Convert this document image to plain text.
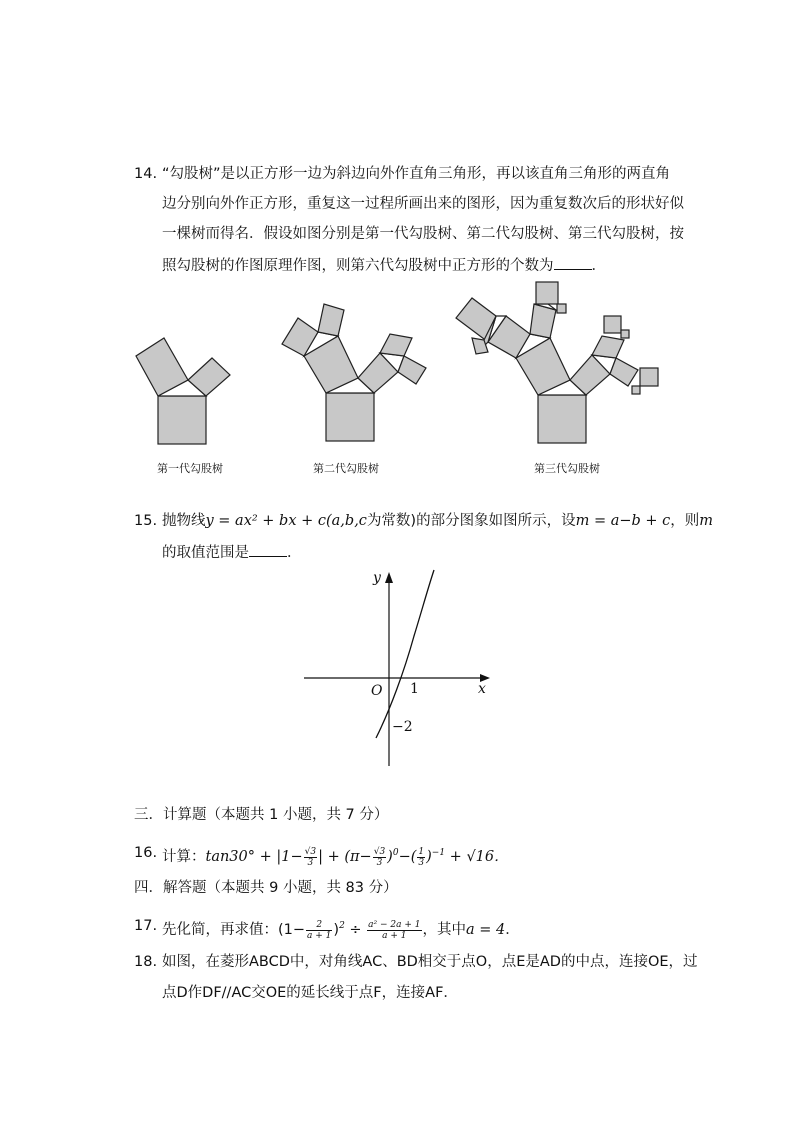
14. “勾股树”是以正方形一边为斜边向外作直角三角形，再以该直角三角形的两直角
边分别向外作正方形，重复这一过程所画出来的图形，因为重复数次后的形状好似
一棵树而得名．假设如图分别是第一代勾股树、第二代勾股树、第三代勾股树，按
照勾股树的作图原理作图，则第六代勾股树中正方形的个数为	．
第一代勾股树	第二代勾股树	第三代勾股树
15. 抛物线y = ax² + bx + c(a,b,c为常数)的部分图象如图所示，设m = a−b + c，则m
的取值范围是	．
y
x
O 1
−2
三．计算题（本题共 1 小题，共 7 分）
16. 计算：$\tan 30^\circ + |1- \frac{√3}{3}$ | + $(\pi- \frac{√3}{3} )^0-( \frac{1}{3} )^{-1} + √16$．
四．解答题（本题共 9 小题，共 83 分）
17. 先化简，再求值：$(1- \frac{2}{a + 1} )^2 \div \frac{\text{a² − 2a + 1}}{a + 1}$ ，其中a = 4．
18. 如图，在菱形ABCD中，对角线AC、BD相交于点O，点E是AD的中点，连接OE，过
点D作DF//AC交OE的延长线于点F，连接AF．
